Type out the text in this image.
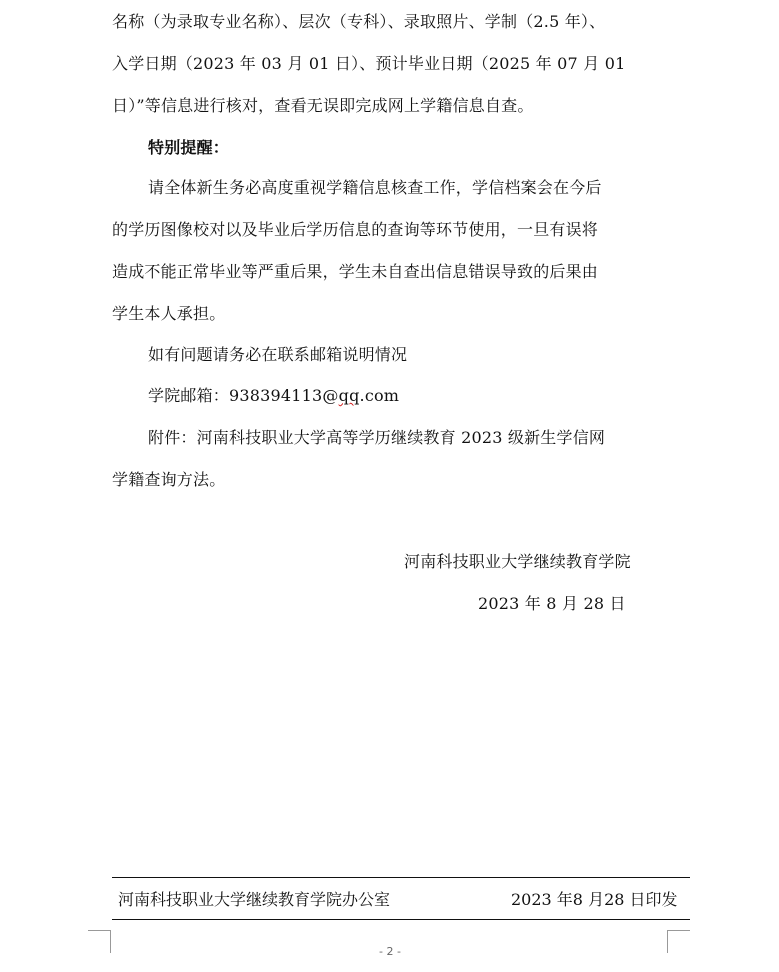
名称（为录取专业名称）、层次（专科）、录取照片、学制（2.5 年）、
入学日期（2023 年 03 月 01 日）、预计毕业日期（2025 年 07 月 01
日）”等信息进行核对，查看无误即完成网上学籍信息自查。
特别提醒：
请全体新生务必高度重视学籍信息核查工作，学信档案会在今后
的学历图像校对以及毕业后学历信息的查询等环节使用，一旦有误将
造成不能正常毕业等严重后果，学生未自查出信息错误导致的后果由
学生本人承担。
如有问题请务必在联系邮箱说明情况
学院邮箱：938394113@qq.com
附件：河南科技职业大学高等学历继续教育 2023 级新生学信网
学籍查询方法。
河南科技职业大学继续教育学院
2023 年 8 月 28 日
河南科技职业大学继续教育学院办公室	2023 年8 月28 日印发
- 2 -
